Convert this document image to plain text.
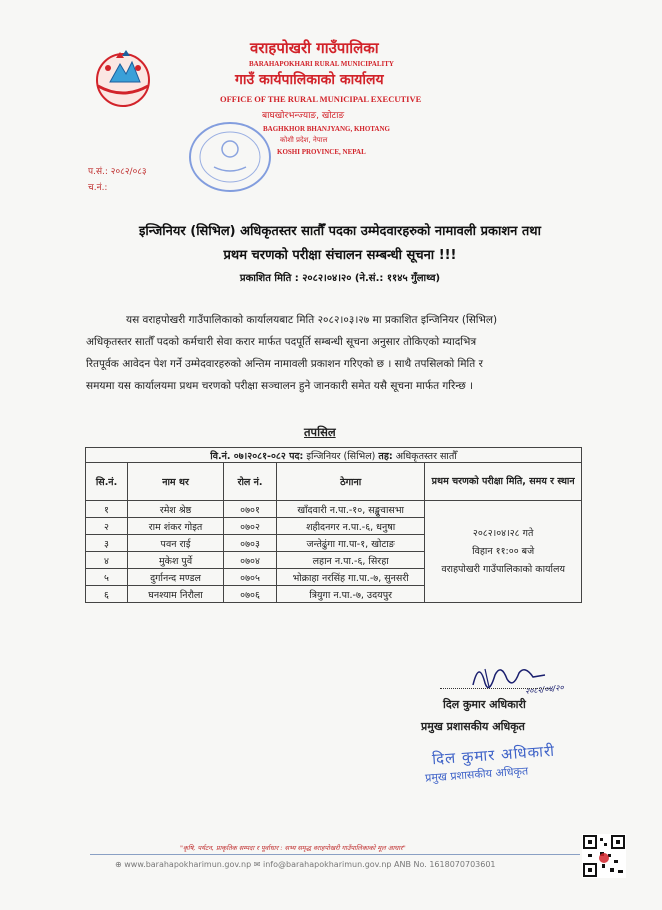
वराहपोखरी गाउँपालिका
BARAHAPOKHARI RURAL MUNICIPALITY
गाउँ कार्यपालिकाको कार्यालय
OFFICE OF THE RURAL MUNICIPAL EXECUTIVE
बाघखोरभन्ज्याङ, खोटाङ
BAGHKHOR BHANJYANG, KHOTANG
कोशी प्रदेश, नेपाल
KOSHI PROVINCE, NEPAL
प.सं.: २०८२/०८३
च.नं.:
इन्जिनियर (सिभिल) अधिकृतस्तर सातौँ पदका उम्मेदवारहरुको नामावली प्रकाशन तथा
प्रथम चरणको परीक्षा संचालन सम्बन्धी सूचना !!!
प्रकाशित मिति : २०८२।०४।२० (ने.सं.: ११४५ गुँलाथ्व)
यस वराहपोखरी गाउँपालिकाको कार्यालयबाट मिति २०८२।०३।२७ मा प्रकाशित इन्जिनियर (सिभिल)
अधिकृतस्तर सातौँ पदको कर्मचारी सेवा करार मार्फत पदपूर्ति सम्बन्धी सूचना अनुसार तोकिएको म्यादभित्र
रितपूर्वक आवेदन पेश गर्ने उम्मेदवारहरुको अन्तिम नामावली प्रकाशन गरिएको छ । साथै तपसिलको मिति र
समयमा यस कार्यालयमा प्रथम चरणको परीक्षा सञ्चालन हुने जानकारी समेत यसै सूचना मार्फत गरिन्छ ।
तपसिल
वि.नं. ०७।२०८१-०८२ पद: इन्जिनियर (सिभिल) तह: अधिकृतस्तर सातौँ				
सि.नं.	नाम थर	रोल नं.	ठेगाना	प्रथम चरणको परीक्षा मिति, समय र स्थान
१	रमेश श्रेष्ठ	०७०१	खाँदवारी न.पा.-१०, सङ्खुवासभा	२०८२।०४।२८ गते
विहान ११:०० बजे
वराहपोखरी गाउँपालिकाको कार्यालय

२	राम शंकर गोइत	०७०२	शहीदनगर न.पा.-६, धनुषा	
३	पवन राई	०७०३	जन्तेढुंगा गा.पा-१, खोटाङ	
४	मुकेश पुर्वे	०७०४	लहान न.पा.-६, सिरहा	
५	दुर्गानन्द मण्डल	०७०५	भोक्राहा नरसिंह गा.पा.-७, सुनसरी	
६	घनश्याम निरौला	०७०६	त्रियुगा न.पा.-७, उदयपुर	
२०८२/०४/२०
दिल कुमार अधिकारी
प्रमुख प्रशासकीय अधिकृत
दिल कुमार अधिकारी
प्रमुख प्रशासकीय अधिकृत
"कृषि, पर्यटन, प्राकृतिक सम्पदा र पूर्वाधार : सभ्य समृद्ध वराहपोखरी गाउँपालिकाको मूल आधार"
⊕ www.barahapokharimun.gov.np ✉ info@barahapokharimun.gov.np ANB No. 1618070703601
